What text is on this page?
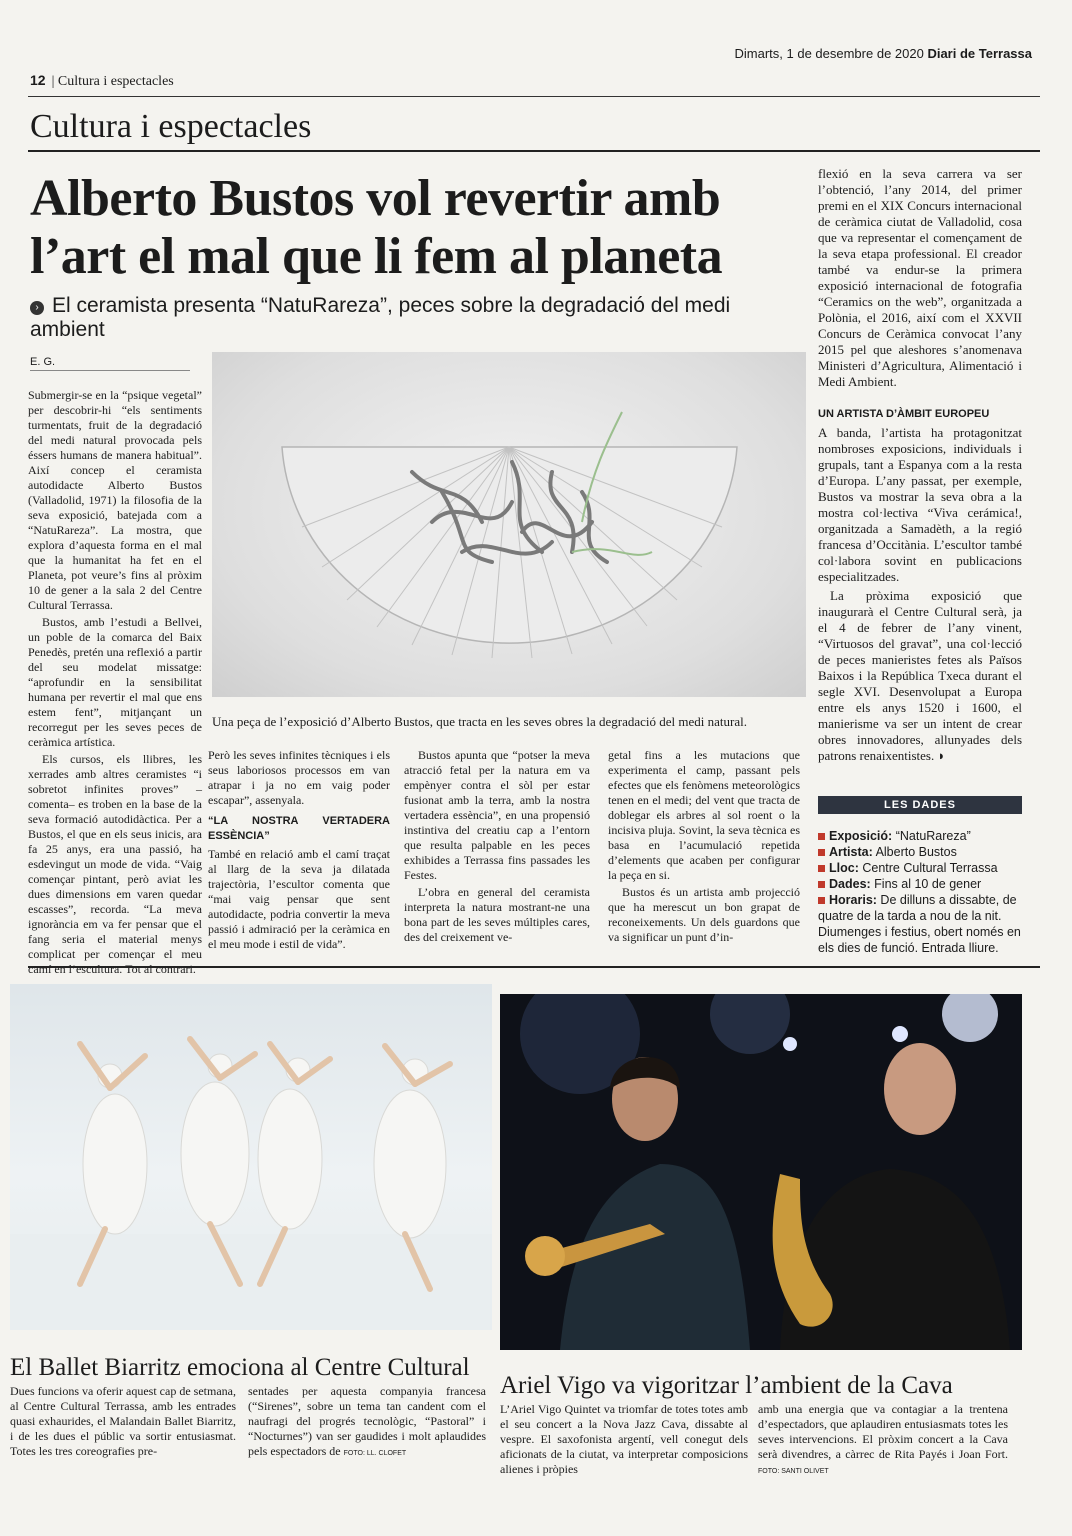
Dimarts, 1 de desembre de 2020 Diari de Terrassa
12 | Cultura i espectacles
Cultura i espectacles
Alberto Bustos vol revertir amb l’art el mal que li fem al planeta
› El ceramista presenta “NatuRareza”, peces sobre la degradació del medi ambient
E. G.

Submergir-se en la “psique vegetal” per descobrir-hi “els sentiments turmentats, fruit de la degradació del medi natural provocada pels éssers humans de manera habitual”. Així concep el ceramista autodidacte Alberto Bustos (Valladolid, 1971) la filosofia de la seva exposició, batejada com a “NatuRareza”. La mostra, que explora d’aquesta forma en el mal que la humanitat ha fet en el Planeta, pot veure’s fins al pròxim 10 de gener a la sala 2 del Centre Cultural Terrassa.

Bustos, amb l’estudi a Bellvei, un poble de la comarca del Baix Penedès, pretén una reflexió a partir del seu modelat missatge: “aprofundir en la sensibilitat humana per revertir el mal que ens estem fent”, mitjançant un recorregut per les seves peces de ceràmica artística.

Els cursos, els llibres, les xerrades amb altres ceramistes “i sobretot infinites proves” –comenta– es troben en la base de la seva formació autodidàctica. Per a Bustos, el que en els seus inicis, ara fa 25 anys, era una passió, ha esdevingut un mode de vida. “Vaig començar pintant, però aviat les dues dimensions em varen quedar escasses”, recorda. “La meva ignorància em va fer pensar que el fang seria el material menys complicat per començar el meu camí en l’escultura. Tot al contrari.

Una peça de l’exposició d’Alberto Bustos, que tracta en les seves obres la degradació del medi natural.

Però les seves infinites tècniques i els seus laboriosos processos em van atrapar i ja no em vaig poder escapar”, assenyala.

“LA NOSTRA VERTADERA ESSÈNCIA”

També en relació amb el camí traçat al llarg de la seva ja dilatada trajectòria, l’escultor comenta que “mai vaig pensar que sent autodidacte, podria convertir la meva passió i admiració per la ceràmica en el meu mode i estil de vida”.

Bustos apunta que “potser la meva atracció fetal per la natura em va empènyer contra el sòl per estar fusionat amb la terra, amb la nostra vertadera essència”, en una propensió instintiva del creatiu cap a l’entorn que resulta palpable en les peces exhibides a Terrassa fins passades les Festes.

L’obra en general del ceramista interpreta la natura mostrant-ne una bona part de les seves múltiples cares, des del creixement ve-

getal fins a les mutacions que experimenta el camp, passant pels efectes que els fenòmens meteorològics tenen en el medi; del vent que tracta de doblegar els arbres al sol roent o la incisiva pluja. Sovint, la seva tècnica es basa en l’acumulació repetida d’elements que acaben per configurar la peça en si.

Bustos és un artista amb projecció que ha merescut un bon grapat de reconeixements. Un dels guardons que va significar un punt d’in-

flexió en la seva carrera va ser l’obtenció, l’any 2014, del primer premi en el XIX Concurs internacional de ceràmica ciutat de Valladolid, cosa que va representar el començament de la seva etapa professional. El creador també va endur-se la primera exposició internacional de fotografia “Ceramics on the web”, organitzada a Polònia, el 2016, així com el XXVII Concurs de Ceràmica convocat l’any 2015 pel que aleshores s’anomenava Ministeri d’Agricultura, Alimentació i Medi Ambient.

UN ARTISTA D’ÀMBIT EUROPEU

A banda, l’artista ha protagonitzat nombroses exposicions, individuals i grupals, tant a Espanya com a la resta d’Europa. L’any passat, per exemple, Bustos va mostrar la seva obra a la mostra col·lectiva “Viva cerámica!, organitzada a Samadèth, a la regió francesa d’Occitània. L’escultor també col·labora sovint en publicacions especialitzades.

La pròxima exposició que inaugurarà el Centre Cultural serà, ja el 4 de febrer de l’any vinent, “Virtuosos del gravat”, una col·lecció de peces manieristes fetes als Països Baixos i la República Txeca durant el segle XVI. Desenvolupat a Europa entre els anys 1520 i 1600, el manierisme va ser un intent de crear obres innovadores, allunyades dels patrons renaixentistes. ◗

LES DADES
Exposició: “NatuRareza”
Artista: Alberto Bustos
Lloc: Centre Cultural Terrassa
Dades: Fins al 10 de gener
Horaris: De dilluns a dissabte, de quatre de la tarda a nou de la nit. Diumenges i festius, obert només en els dies de funció. Entrada lliure.
El Ballet Biarritz emociona al Centre Cultural
Dues funcions va oferir aquest cap de setmana, al Centre Cultural Terrassa, amb les entrades quasi exhaurides, el Malandain Ballet Biarritz, i de les dues el públic va sortir entusiasmat. Totes les tres coreografies pre-
sentades per aquesta companyia francesa (“Sirenes”, sobre un tema tan candent com el naufragi del progrés tecnològic, “Pastoral” i “Nocturnes”) van ser gaudides i molt aplaudides pels espectadors de FOTO: LL. CLOFET
Ariel Vigo va vigoritzar l’ambient de la Cava
L’Ariel Vigo Quintet va triomfar de totes totes amb el seu concert a la Nova Jazz Cava, dissabte al vespre. El saxofonista argentí, vell conegut dels aficionats de la ciutat, va interpretar composicions alienes i pròpies
amb una energia que va contagiar a la trentena d’espectadors, que aplaudiren entusiasmats totes les seves intervencions. El pròxim concert a la Cava serà divendres, a càrrec de Rita Payés i Joan Fort. FOTO: SANTI OLIVET
